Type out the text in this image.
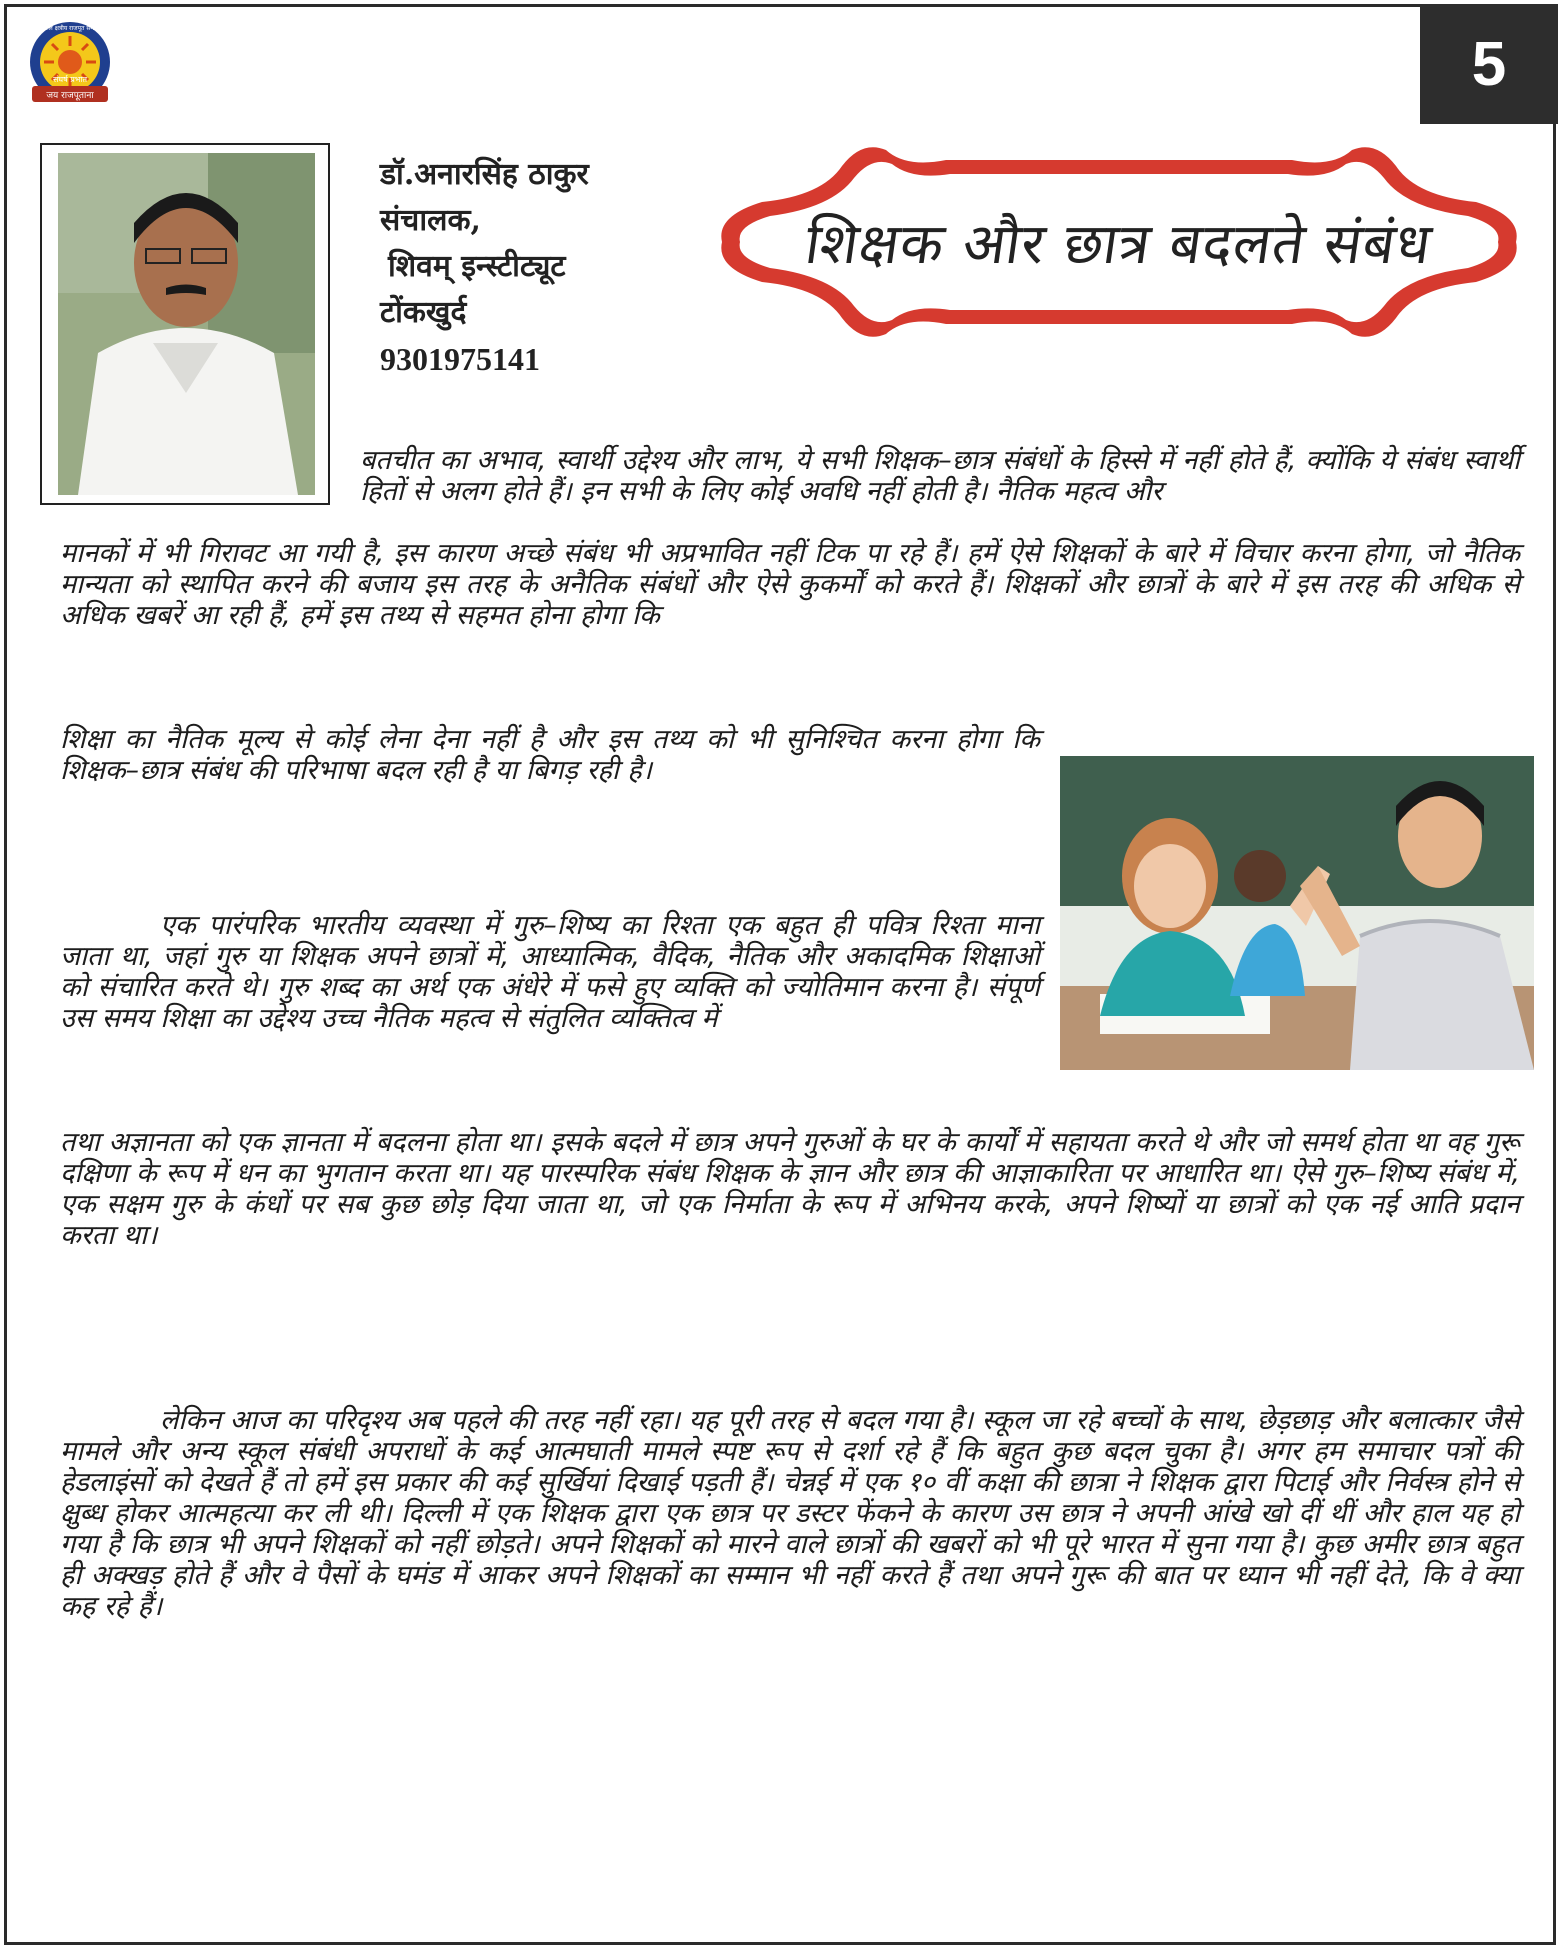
5
जय राजपूताना
संघर्ष प्रभात
सकल क्षत्रीय राजपूत समाज
डॉ.अनारसिंह ठाकुर
संचालक,
शिवम् इन्स्टीट्यूट
टोंकखुर्द
9301975141
शिक्षक और छात्र बदलते संबंध
बतचीत का अभाव, स्वार्थी उद्देश्य और लाभ, ये सभी शिक्षक–छात्र संबंधों के हिस्से में नहीं होते हैं, क्योंकि ये संबंध स्वार्थी हितों से अलग होते हैं। इन सभी के लिए कोई अवधि नहीं होती है। नैतिक महत्व और
मानकों में भी गिरावट आ गयी है, इस कारण अच्छे संबंध भी अप्रभावित नहीं टिक पा रहे हैं। हमें ऐसे शिक्षकों के बारे में विचार करना होगा, जो नैतिक मान्यता को स्थापित करने की बजाय इस तरह के अनैतिक संबंधों और ऐसे कुकर्मों को करते हैं। शिक्षकों और छात्रों के बारे में इस तरह की अधिक से अधिक खबरें आ रही हैं, हमें इस तथ्य से सहमत होना होगा कि
शिक्षा का नैतिक मूल्य से कोई लेना देना नहीं है और इस तथ्य को भी सुनिश्चित करना होगा कि शिक्षक–छात्र संबंध की परिभाषा बदल रही है या बिगड़ रही है।
एक पारंपरिक भारतीय व्यवस्था में गुरु–शिष्य का रिश्ता एक बहुत ही पवित्र रिश्ता माना जाता था, जहां गुरु या शिक्षक अपने छात्रों में, आध्यात्मिक, वैदिक, नैतिक और अकादमिक शिक्षाओं को संचारित करते थे। गुरु शब्द का अर्थ एक अंधेरे में फसे हुए व्यक्ति को ज्योतिमान करना है। संपूर्ण उस समय शिक्षा का उद्देश्य उच्च नैतिक महत्व से संतुलित व्यक्तित्व में
तथा अज्ञानता को एक ज्ञानता में बदलना होता था। इसके बदले में छात्र अपने गुरुओं के घर के कार्यों में सहायता करते थे और जो समर्थ होता था वह गुरू दक्षिणा के रूप में धन का भुगतान करता था। यह पारस्परिक संबंध शिक्षक के ज्ञान और छात्र की आज्ञाकारिता पर आधारित था। ऐसे गुरु–शिष्य संबंध में, एक सक्षम गुरु के कंधों पर सब कुछ छोड़ दिया जाता था, जो एक निर्माता के रूप में अभिनय करके, अपने शिष्यों या छात्रों को एक नई आति प्रदान करता था।
लेकिन आज का परिदृश्य अब पहले की तरह नहीं रहा। यह पूरी तरह से बदल गया है। स्कूल जा रहे बच्चों के साथ, छेड़छाड़ और बलात्कार जैसे मामले और अन्य स्कूल संबंधी अपराधों के कई आत्मघाती मामले स्पष्ट रूप से दर्शा रहे हैं कि बहुत कुछ बदल चुका है। अगर हम समाचार पत्रों की हेडलाइंसों को देखते हैं तो हमें इस प्रकार की कई सुर्खियां दिखाई पड़ती हैं। चेन्नई में एक १० वीं कक्षा की छात्रा ने शिक्षक द्वारा पिटाई और निर्वस्त्र होने से क्षुब्ध होकर आत्महत्या कर ली थी। दिल्ली में एक शिक्षक द्वारा एक छात्र पर डस्टर फेंकने के कारण उस छात्र ने अपनी आंखे खो दीं थीं और हाल यह हो गया है कि छात्र भी अपने शिक्षकों को नहीं छोड़ते। अपने शिक्षकों को मारने वाले छात्रों की खबरों को भी पूरे भारत में सुना गया है। कुछ अमीर छात्र बहुत ही अक्खड़ होते हैं और वे पैसों के घमंड में आकर अपने शिक्षकों का सम्मान भी नहीं करते हैं तथा अपने गुरू की बात पर ध्यान भी नहीं देते, कि वे क्या कह रहे हैं।
